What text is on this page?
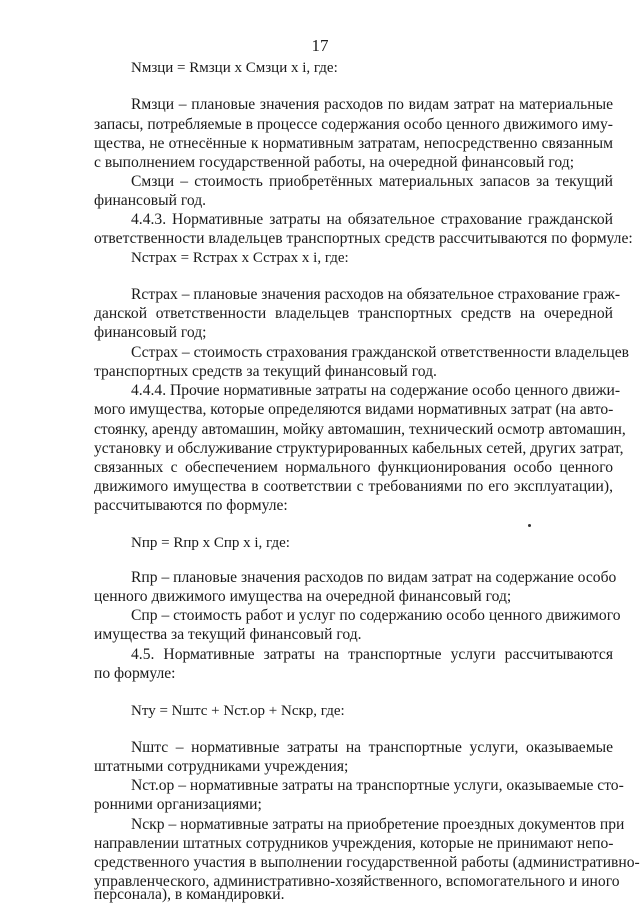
17
Nмзци = Rмзци x Смзци x i, где:
Rмзци – плановые значения расходов по видам затрат на материальные
запасы, потребляемые в процессе содержания особо ценного движимого иму-
щества, не отнесённые к нормативным затратам, непосредственно связанным
с выполнением государственной работы, на очередной финансовый год;
Смзци – стоимость приобретённых материальных запасов за текущий
финансовый год.
4.4.3. Нормативные затраты на обязательное страхование гражданской
ответственности владельцев транспортных средств рассчитываются по формуле:
Nстрах = Rстрах x Сстрах x i, где:
Rстрах – плановые значения расходов на обязательное страхование граж-
данской ответственности владельцев транспортных средств на очередной
финансовый год;
Сстрах – стоимость страхования гражданской ответственности владельцев
транспортных средств за текущий финансовый год.
4.4.4. Прочие нормативные затраты на содержание особо ценного движи-
мого имущества, которые определяются видами нормативных затрат (на авто-
стоянку, аренду автомашин, мойку автомашин, технический осмотр автомашин,
установку и обслуживание структурированных кабельных сетей, других затрат,
связанных с обеспечением нормального функционирования особо ценного
движимого имущества в соответствии с требованиями по его эксплуатации),
рассчитываются по формуле:
Nпр = Rпр x Спр x i, где:
Rпр – плановые значения расходов по видам затрат на содержание особо
ценного движимого имущества на очередной финансовый год;
Спр – стоимость работ и услуг по содержанию особо ценного движимого
имущества за текущий финансовый год.
4.5. Нормативные затраты на транспортные услуги рассчитываются
по формуле:
Nту = Nштс + Nст.ор + Nскр, где:
Nштс – нормативные затраты на транспортные услуги, оказываемые
штатными сотрудниками учреждения;
Nст.ор – нормативные затраты на транспортные услуги, оказываемые сто-
ронними организациями;
Nскр – нормативные затраты на приобретение проездных документов при
направлении штатных сотрудников учреждения, которые не принимают непо-
средственного участия в выполнении государственной работы (административно-
управленческого, административно-хозяйственного, вспомогательного и иного
персонала), в командировки.
